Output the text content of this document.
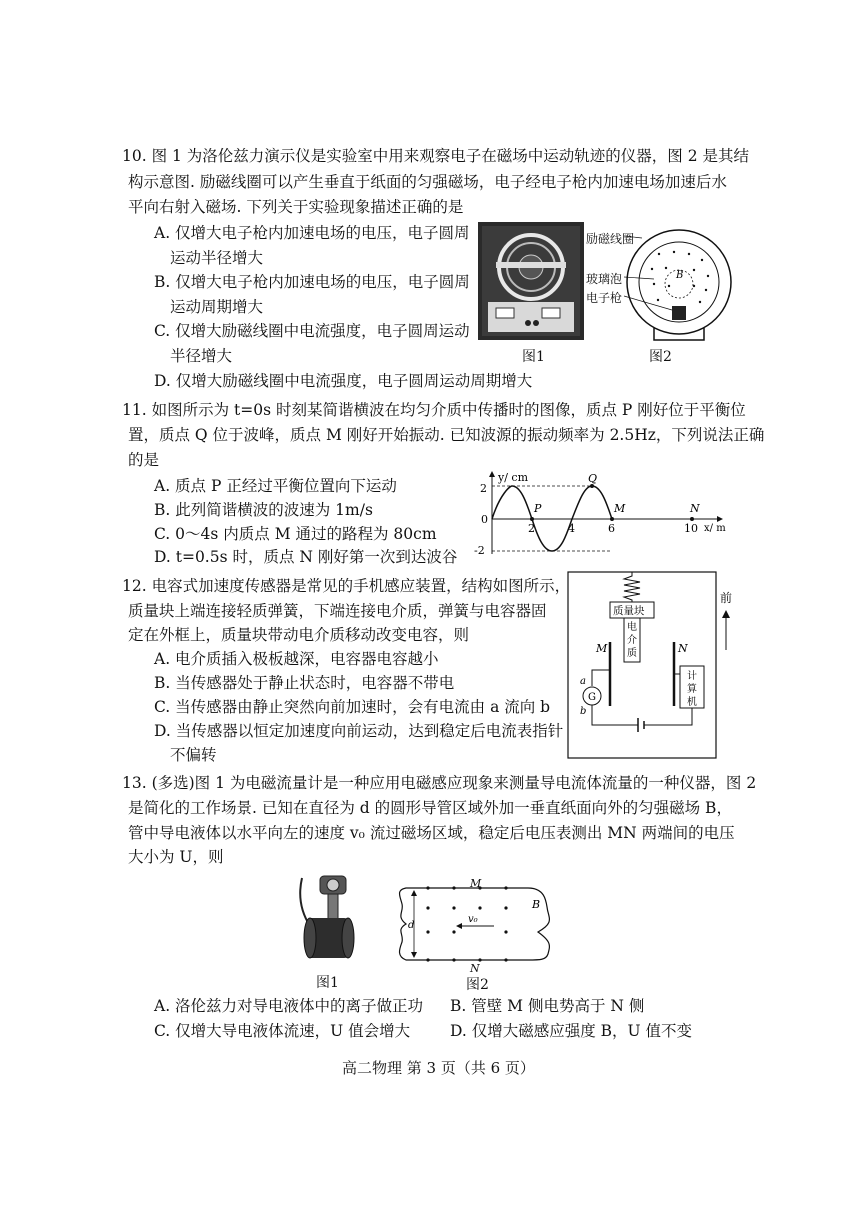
10. 图 1 为洛伦兹力演示仪是实验室中用来观察电子在磁场中运动轨迹的仪器，图 2 是其结
构示意图. 励磁线圈可以产生垂直于纸面的匀强磁场，电子经电子枪内加速电场加速后水
平向右射入磁场. 下列关于实验现象描述正确的是
A. 仅增大电子枪内加速电场的电压，电子圆周
运动半径增大
B. 仅增大电子枪内加速电场的电压，电子圆周
运动周期增大
C. 仅增大励磁线圈中电流强度，电子圆周运动
半径增大
D. 仅增大励磁线圈中电流强度，电子圆周运动周期增大
图1
B
励磁线圈
玻璃泡
电子枪
图2
11. 如图所示为 t=0s 时刻某简谐横波在均匀介质中传播时的图像，质点 P 刚好位于平衡位
置，质点 Q 位于波峰，质点 M 刚好开始振动. 已知波源的振动频率为 2.5Hz，下列说法正确
的是
A. 质点 P 正经过平衡位置向下运动
B. 此列简谐横波的波速为 1m/s
C. 0～4s 内质点 M 通过的路程为 80cm
D. t=0.5s 时，质点 N 刚好第一次到达波谷
y/ cm
x/ m
2
0
-2
P
Q
M	N
2	4	6	10
12. 电容式加速度传感器是常见的手机感应装置，结构如图所示，
质量块上端连接轻质弹簧，下端连接电介质，弹簧与电容器固
定在外框上，质量块带动电介质移动改变电容，则
A. 电介质插入极板越深，电容器电容越小
B. 当传感器处于静止状态时，电容器不带电
C. 当传感器由静止突然向前加速时，会有电流由 a 流向 b
D. 当传感器以恒定加速度向前运动，达到稳定后电流表指针
不偏转
质量块
电
介
质
M	N
G
a
b
计
算
机
前
13. (多选)图 1 为电磁流量计是一种应用电磁感应现象来测量导电流体流量的一种仪器，图 2
是简化的工作场景. 已知在直径为 d 的圆形导管区域外加一垂直纸面向外的匀强磁场 B，
管中导电液体以水平向左的速度 v₀ 流过磁场区域，稳定后电压表测出 MN 两端间的电压
大小为 U，则
图1
v₀
d
B
M
N
图2
A. 洛伦兹力对导电液体中的离子做正功 B. 管壁 M 侧电势高于 N 侧
C. 仅增大导电液体流速，U 值会增大	D. 仅增大磁感应强度 B，U 值不变
高二物理 第 3 页（共 6 页）
